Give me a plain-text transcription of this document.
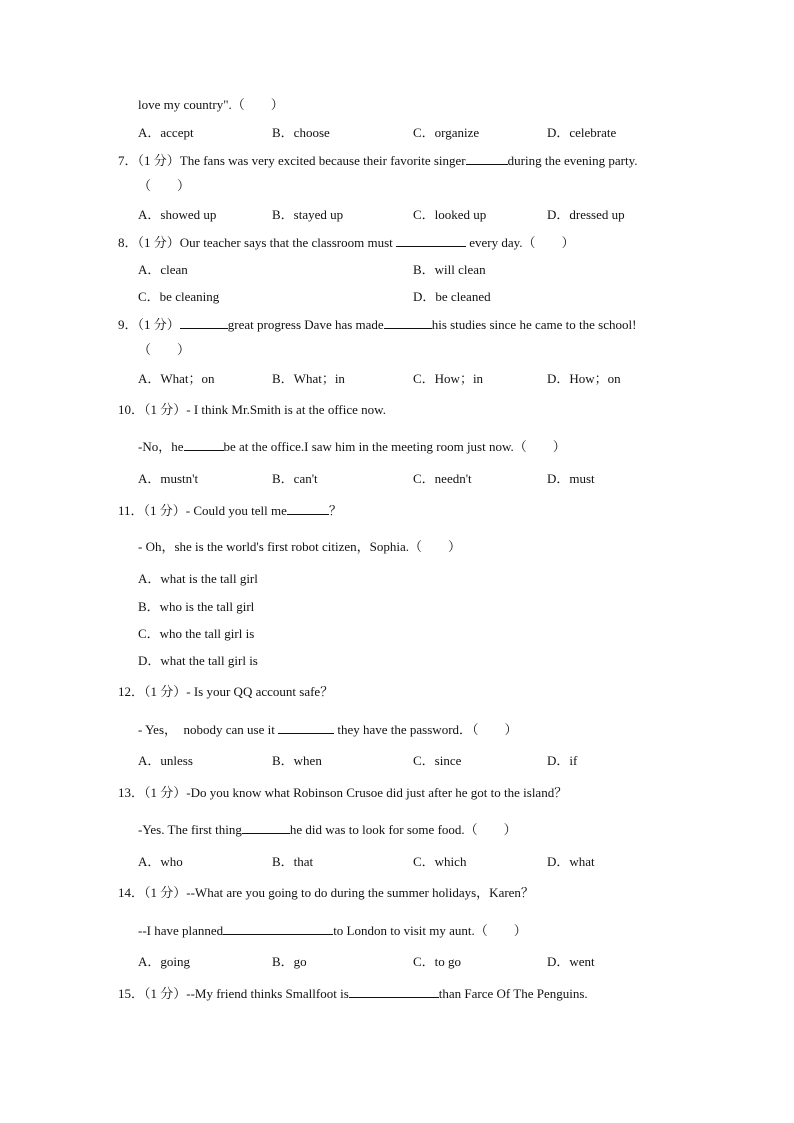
love my country".（　　）
A．accept	B．choose	C．organize	D．celebrate
7．（1 分）The fans was very excited because their favorite singer	during the evening party.
（　　）
A．showed up	B．stayed up	C．looked up	D．dressed up
8．（1 分）Our teacher says that the classroom must	every day.（　　）
A．clean	B．will clean
C．be cleaning	D．be cleaned
9．（1 分）	great progress Dave has made	his studies since he came to the school!
（　　）
A．What；on	B．What；in	C．How；in	D．How；on
10．（1 分）- I think Mr.Smith is at the office now.
-No，he	be at the office.I saw him in the meeting room just now.（　　）
A．mustn't	B．can't	C．needn't	D．must
11．（1 分）- Could you tell me	？
- Oh，she is the world's first robot citizen，Sophia.（　　）
A．what is the tall girl
B．who is the tall girl
C．who the tall girl is
D．what the tall girl is
12．（1 分）- Is your QQ account safe？
- Yes，  nobody can use it	they have the password．（　　）
A．unless	B．when	C．since	D．if
13．（1 分）-Do you know what Robinson Crusoe did just after he got to the island？
-Yes. The first thing	he did was to look for some food.（　　）
A．who	B．that	C．which	D．what
14．（1 分）--What are you going to do during the summer holidays，Karen？
--I have planned	to London to visit my aunt.（　　）
A．going	B．go	C．to go	D．went
15．（1 分）--My friend thinks Smallfoot is	than Farce Of The Penguins.
